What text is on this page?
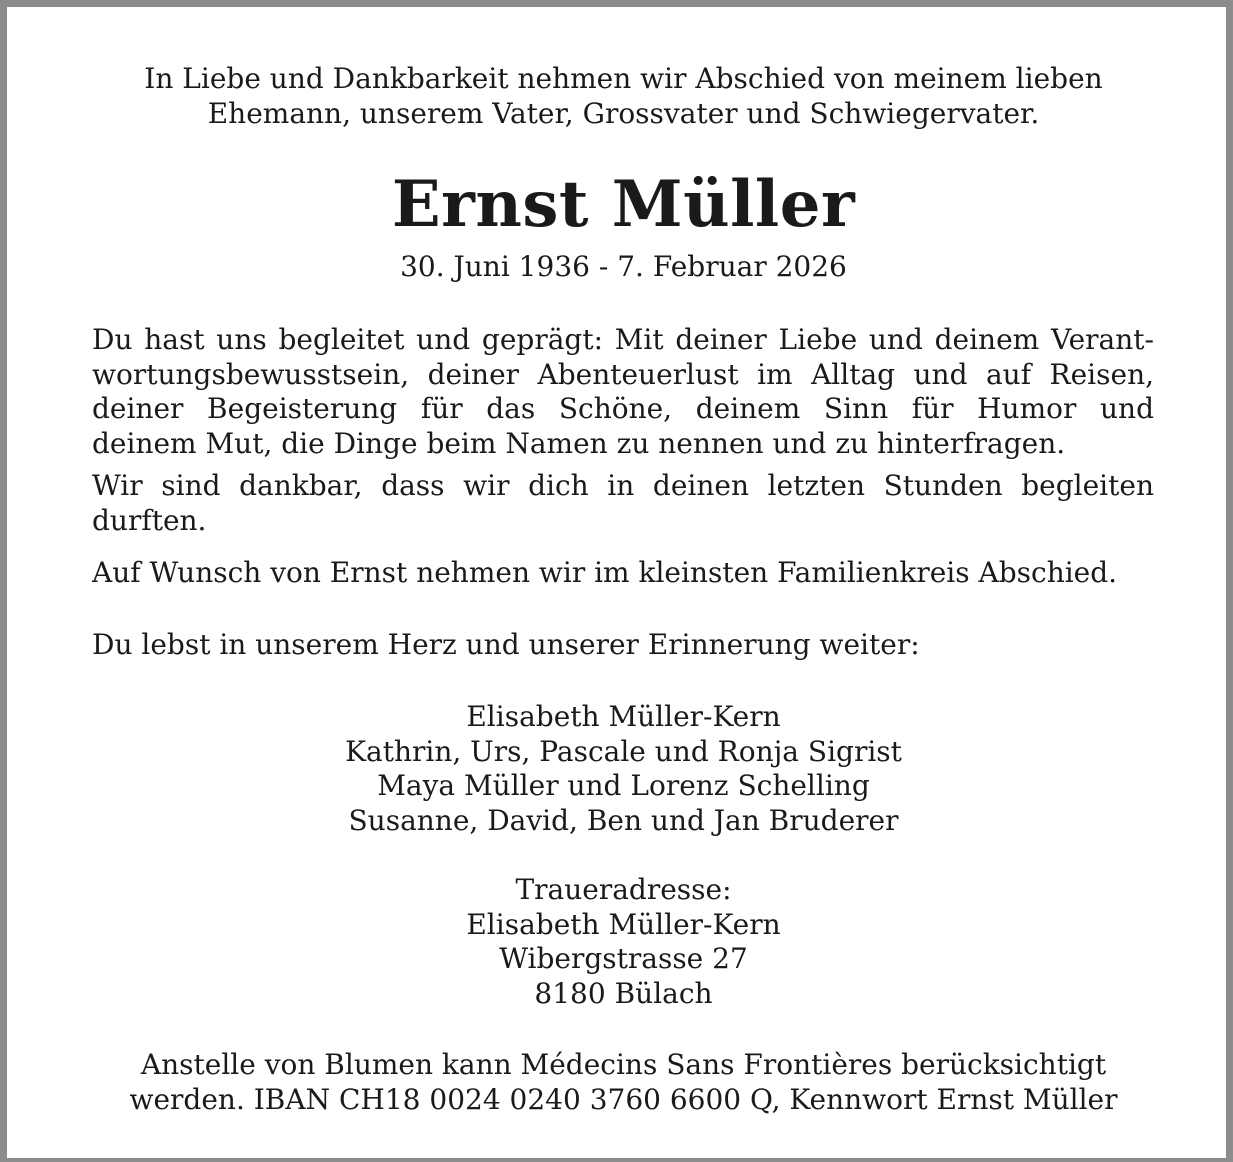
In Liebe und Dankbarkeit nehmen wir Abschied von meinem lieben
Ehemann, unserem Vater, Grossvater und Schwiegervater.
Ernst Müller
30. Juni 1936 - 7. Februar 2026
Du hast uns begleitet und geprägt: Mit deiner Liebe und deinem Verant-
wortungsbewusstsein, deiner Abenteuerlust im Alltag und auf Reisen,
deiner Begeisterung für das Schöne, deinem Sinn für Humor und
deinem Mut, die Dinge beim Namen zu nennen und zu hinterfragen.
Wir sind dankbar, dass wir dich in deinen letzten Stunden begleiten
durften.
Auf Wunsch von Ernst nehmen wir im kleinsten Familienkreis Abschied.
Du lebst in unserem Herz und unserer Erinnerung weiter:
Elisabeth Müller-Kern
Kathrin, Urs, Pascale und Ronja Sigrist
Maya Müller und Lorenz Schelling
Susanne, David, Ben und Jan Bruderer
Traueradresse:
Elisabeth Müller-Kern
Wibergstrasse 27
8180 Bülach
Anstelle von Blumen kann Médecins Sans Frontières berücksichtigt
werden. IBAN CH18 0024 0240 3760 6600 Q, Kennwort Ernst Müller
